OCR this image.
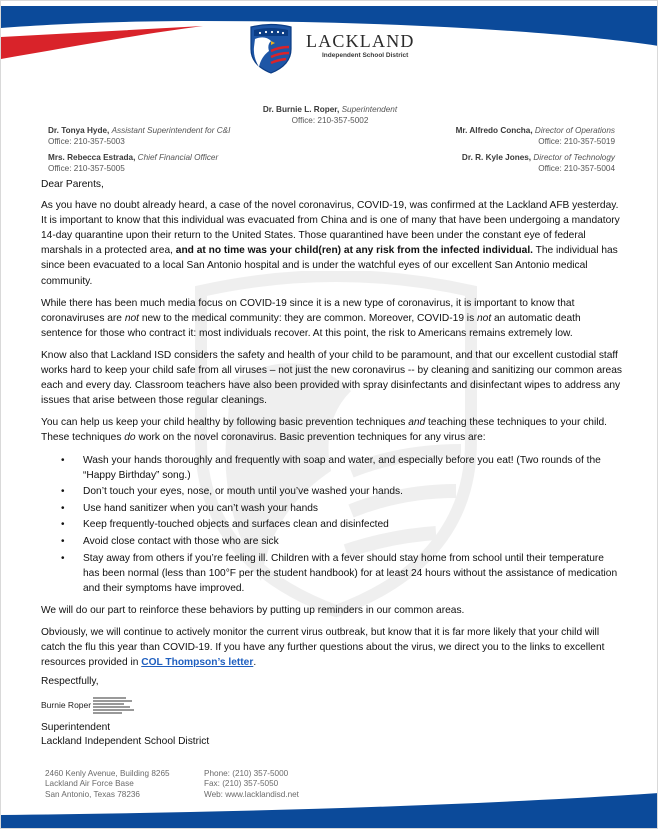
LACKLAND
Independent School District
Dr. Burnie L. Roper, Superintendent
Office: 210-357-5002
Dr. Tonya Hyde, Assistant Superintendent for C&I
Office: 210-357-5003
Mrs. Rebecca Estrada, Chief Financial Officer
Office: 210-357-5005
Mr. Alfredo Concha, Director of Operations
Office: 210-357-5019
Dr. R. Kyle Jones, Director of Technology
Office: 210-357-5004

Dear Parents,

As you have no doubt already heard, a case of the novel coronavirus, COVID-19, was confirmed at the Lackland AFB yesterday. It is important to know that this individual was evacuated from China and is one of many that have been undergoing a mandatory 14-day quarantine upon their return to the United States. Those quarantined have been under the constant eye of federal marshals in a protected area, and at no time was your child(ren) at any risk from the infected individual. The individual has since been evacuated to a local San Antonio hospital and is under the watchful eyes of our excellent San Antonio medical community.

While there has been much media focus on COVID-19 since it is a new type of coronavirus, it is important to know that coronaviruses are not new to the medical community: they are common. Moreover, COVID-19 is not an automatic death sentence for those who contract it: most individuals recover. At this point, the risk to Americans remains extremely low.

Know also that Lackland ISD considers the safety and health of your child to be paramount, and that our excellent custodial staff works hard to keep your child safe from all viruses – not just the new coronavirus -- by cleaning and sanitizing our common areas each and every day. Classroom teachers have also been provided with spray disinfectants and disinfectant wipes to address any issues that arise between those regular cleanings.

You can help us keep your child healthy by following basic prevention techniques and teaching these techniques to your child. These techniques do work on the novel coronavirus. Basic prevention techniques for any virus are:

• Wash your hands thoroughly and frequently with soap and water, and especially before you eat! (Two rounds of the “Happy Birthday” song.)
• Don’t touch your eyes, nose, or mouth until you’ve washed your hands.
• Use hand sanitizer when you can’t wash your hands
• Keep frequently-touched objects and surfaces clean and disinfected
• Avoid close contact with those who are sick
• Stay away from others if you’re feeling ill. Children with a fever should stay home from school until their temperature has been normal (less than 100°F per the student handbook) for at least 24 hours without the assistance of medication and their symptoms have improved.

We will do our part to reinforce these behaviors by putting up reminders in our common areas.

Obviously, we will continue to actively monitor the current virus outbreak, but know that it is far more likely that your child will catch the flu this year than COVID-19. If you have any further questions about the virus, we direct you to the links to excellent resources provided in COL Thompson’s letter.

Respectfully,
Burnie Roper
Superintendent
Lackland Independent School District
2460 Kenly Avenue, Building 8265
Lackland Air Force Base
San Antonio, Texas 78236
Phone: (210) 357-5000
Fax: (210) 357-5050
Web: www.lacklandisd.net
